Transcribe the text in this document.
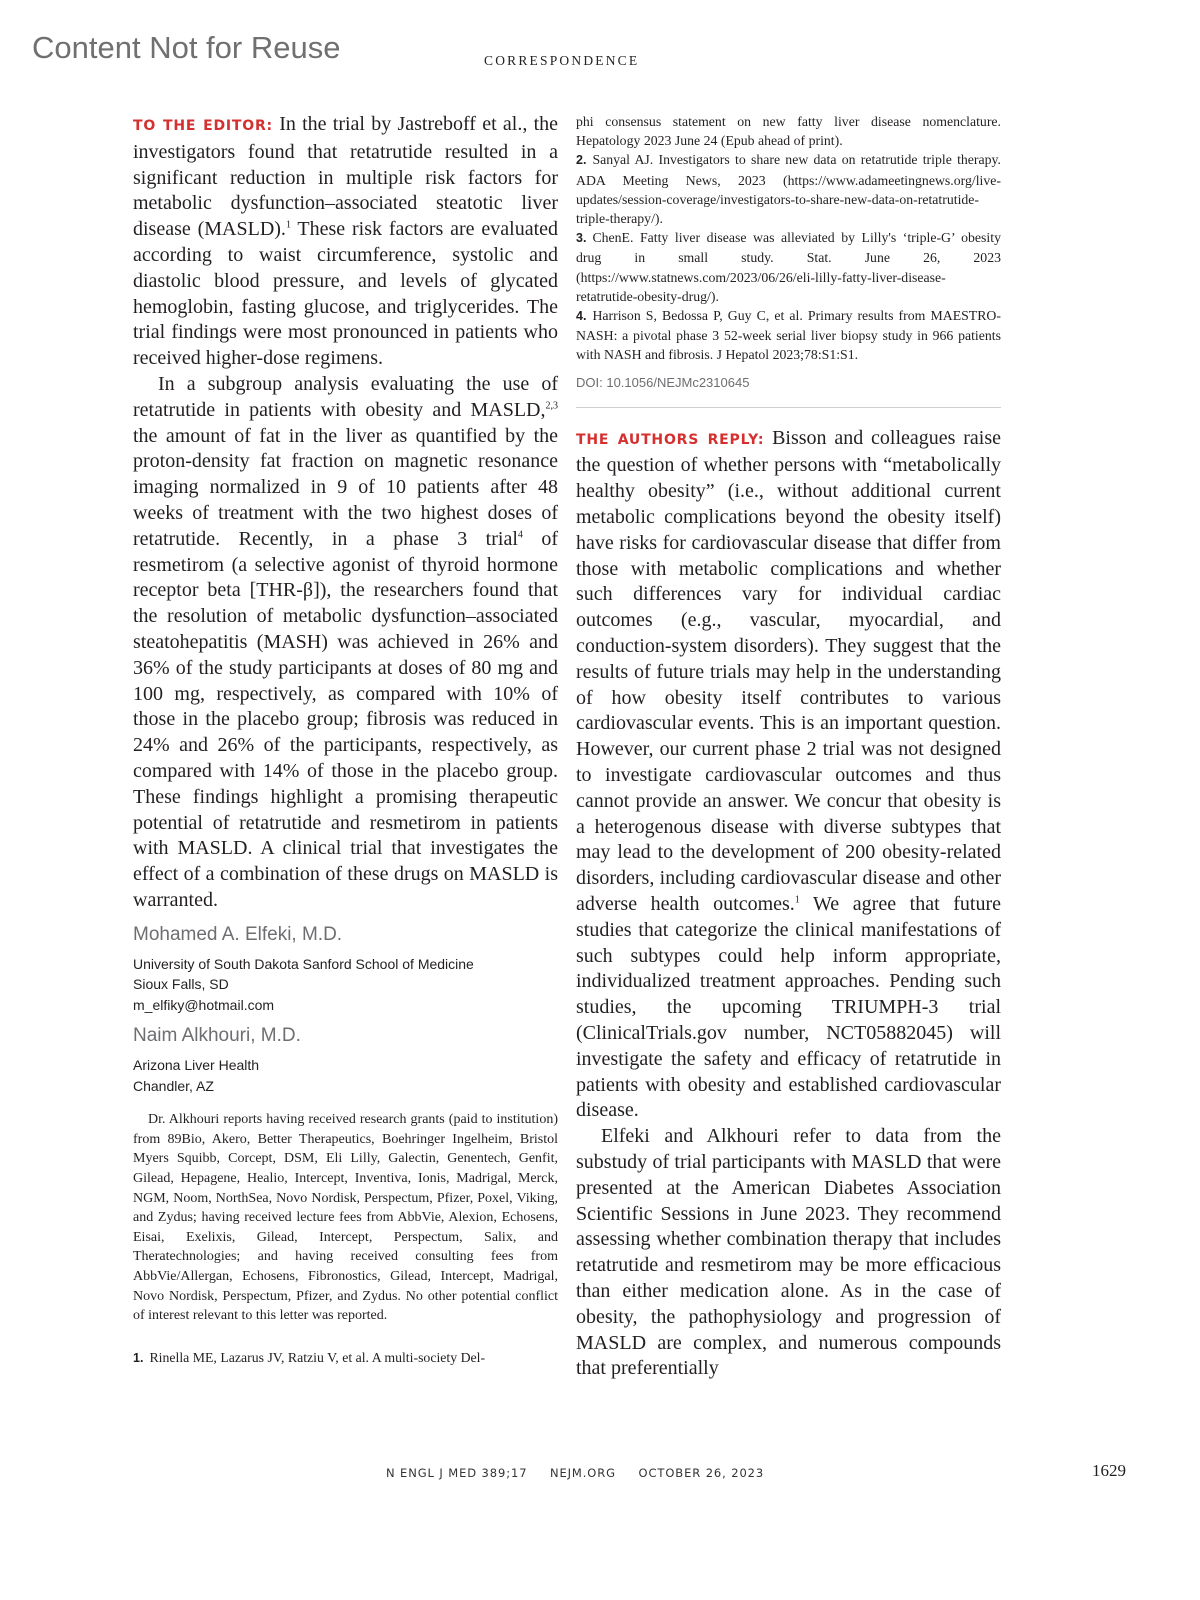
Content Not for Reuse	CORRESPONDENCE

TO THE EDITOR: In the trial by Jastreboff et al., the investigators found that retatrutide resulted in a significant reduction in multiple risk factors for metabolic dysfunction–associated steatotic liver disease (MASLD).$^1$ These risk factors are evaluated according to waist circumference, systolic and diastolic blood pressure, and levels of glycated hemoglobin, fasting glucose, and triglycerides. The trial findings were most pronounced in patients who received higher-dose regimens.

In a subgroup analysis evaluating the use of retatrutide in patients with obesity and MASLD,$^{2,3}$ the amount of fat in the liver as quantified by the proton-density fat fraction on magnetic resonance imaging normalized in 9 of 10 patients after 48 weeks of treatment with the two highest doses of retatrutide. Recently, in a phase 3 trial$^4$ of resmetirom (a selective agonist of thyroid hormone receptor beta [THR-β]), the researchers found that the resolution of metabolic dysfunction–associated steatohepatitis (MASH) was achieved in 26% and 36% of the study participants at doses of 80 mg and 100 mg, respectively, as compared with 10% of those in the placebo group; fibrosis was reduced in 24% and 26% of the participants, respectively, as compared with 14% of those in the placebo group. These findings highlight a promising therapeutic potential of retatrutide and resmetirom in patients with MASLD. A clinical trial that investigates the effect of a combination of these drugs on MASLD is warranted.

Mohamed A. Elfeki, M.D.
University of South Dakota Sanford School of Medicine
Sioux Falls, SD
m_elfiky@hotmail.com
Naim Alkhouri, M.D.
Arizona Liver Health
Chandler, AZ

Dr. Alkhouri reports having received research grants (paid to institution) from 89Bio, Akero, Better Therapeutics, Boehringer Ingelheim, Bristol Myers Squibb, Corcept, DSM, Eli Lilly, Galectin, Genentech, Genfit, Gilead, Hepagene, Healio, Intercept, Inventiva, Ionis, Madrigal, Merck, NGM, Noom, NorthSea, Novo Nordisk, Perspectum, Pfizer, Poxel, Viking, and Zydus; having received lecture fees from AbbVie, Alexion, Echosens, Eisai, Exelixis, Gilead, Intercept, Perspectum, Salix, and Theratechnologies; and having received consulting fees from AbbVie/Allergan, Echosens, Fibronostics, Gilead, Intercept, Madrigal, Novo Nordisk, Perspectum, Pfizer, and Zydus. No other potential conflict of interest relevant to this letter was reported.

1. Rinella ME, Lazarus JV, Ratziu V, et al. A multi-society Del-

phi consensus statement on new fatty liver disease nomenclature. Hepatology 2023 June 24 (Epub ahead of print).

2. Sanyal AJ. Investigators to share new data on retatrutide triple therapy. ADA Meeting News, 2023 (https://www.adameetingnews.org/live-updates/session-coverage/investigators-to-share-new-data-on-retatrutide-triple-therapy/).
3. ChenE. Fatty liver disease was alleviated by Lilly's ‘triple-G’ obesity drug in small study. Stat. June 26, 2023 (https://www.statnews.com/2023/06/26/eli-lilly-fatty-liver-disease-retatrutide-obesity-drug/).
4. Harrison S, Bedossa P, Guy C, et al. Primary results from MAESTRO-NASH: a pivotal phase 3 52-week serial liver biopsy study in 966 patients with NASH and fibrosis. J Hepatol 2023;78:S1:S1.
DOI: 10.1056/NEJMc2310645

THE AUTHORS REPLY: Bisson and colleagues raise the question of whether persons with “metabolically healthy obesity” (i.e., without additional current metabolic complications beyond the obesity itself) have risks for cardiovascular disease that differ from those with metabolic complications and whether such differences vary for individual cardiac outcomes (e.g., vascular, myocardial, and conduction-system disorders). They suggest that the results of future trials may help in the understanding of how obesity itself contributes to various cardiovascular events. This is an important question. However, our current phase 2 trial was not designed to investigate cardiovascular outcomes and thus cannot provide an answer. We concur that obesity is a heterogenous disease with diverse subtypes that may lead to the development of 200 obesity-related disorders, including cardiovascular disease and other adverse health outcomes.$^1$ We agree that future studies that categorize the clinical manifestations of such subtypes could help inform appropriate, individualized treatment approaches. Pending such studies, the upcoming TRIUMPH-3 trial (ClinicalTrials.gov number, NCT05882045) will investigate the safety and efficacy of retatrutide in patients with obesity and established cardiovascular disease.

Elfeki and Alkhouri refer to data from the substudy of trial participants with MASLD that were presented at the American Diabetes Association Scientific Sessions in June 2023. They recommend assessing whether combination therapy that includes retatrutide and resmetirom may be more efficacious than either medication alone. As in the case of obesity, the pathophysiology and progression of MASLD are complex, and numerous compounds that preferentially

N ENGL J MED 389;17 NEJM.ORG OCTOBER 26, 2023	1629
